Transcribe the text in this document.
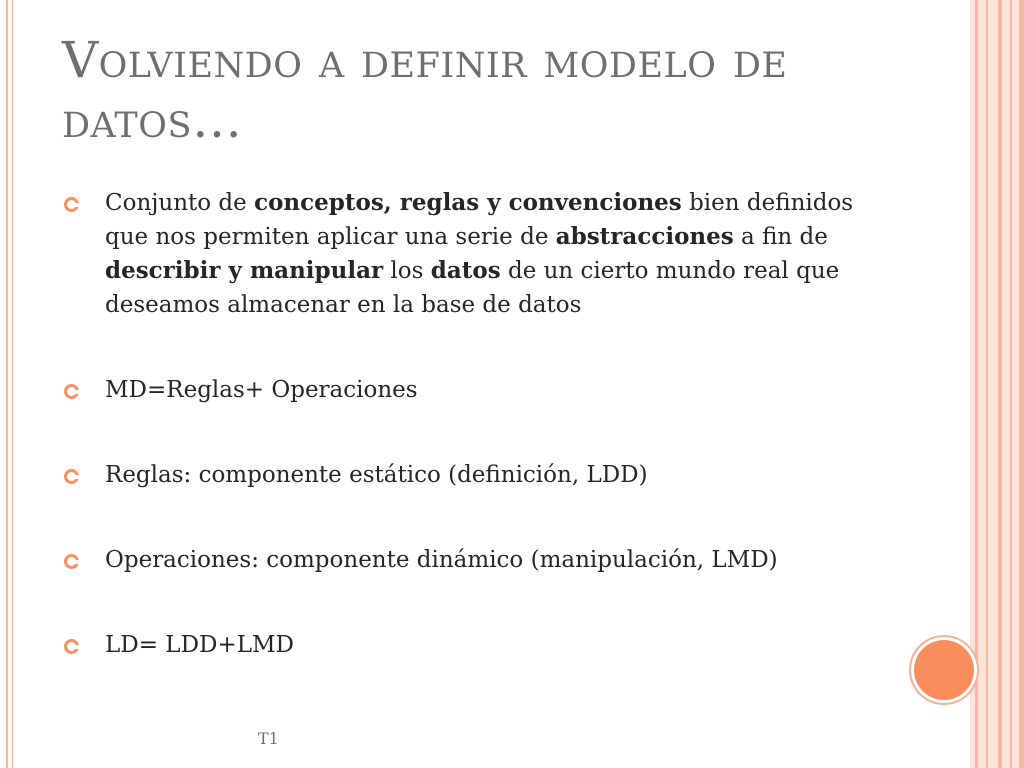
Volviendo a definir modelo de
datos…
Conjunto de conceptos, reglas y convenciones bien definidos que nos permiten aplicar una serie de abstracciones a fin de describir y manipular los datos de un cierto mundo real que deseamos almacenar en la base de datos
MD=Reglas+ Operaciones
Reglas: componente estático (definición, LDD)
Operaciones: componente dinámico (manipulación, LMD)
LD= LDD+LMD
T1
